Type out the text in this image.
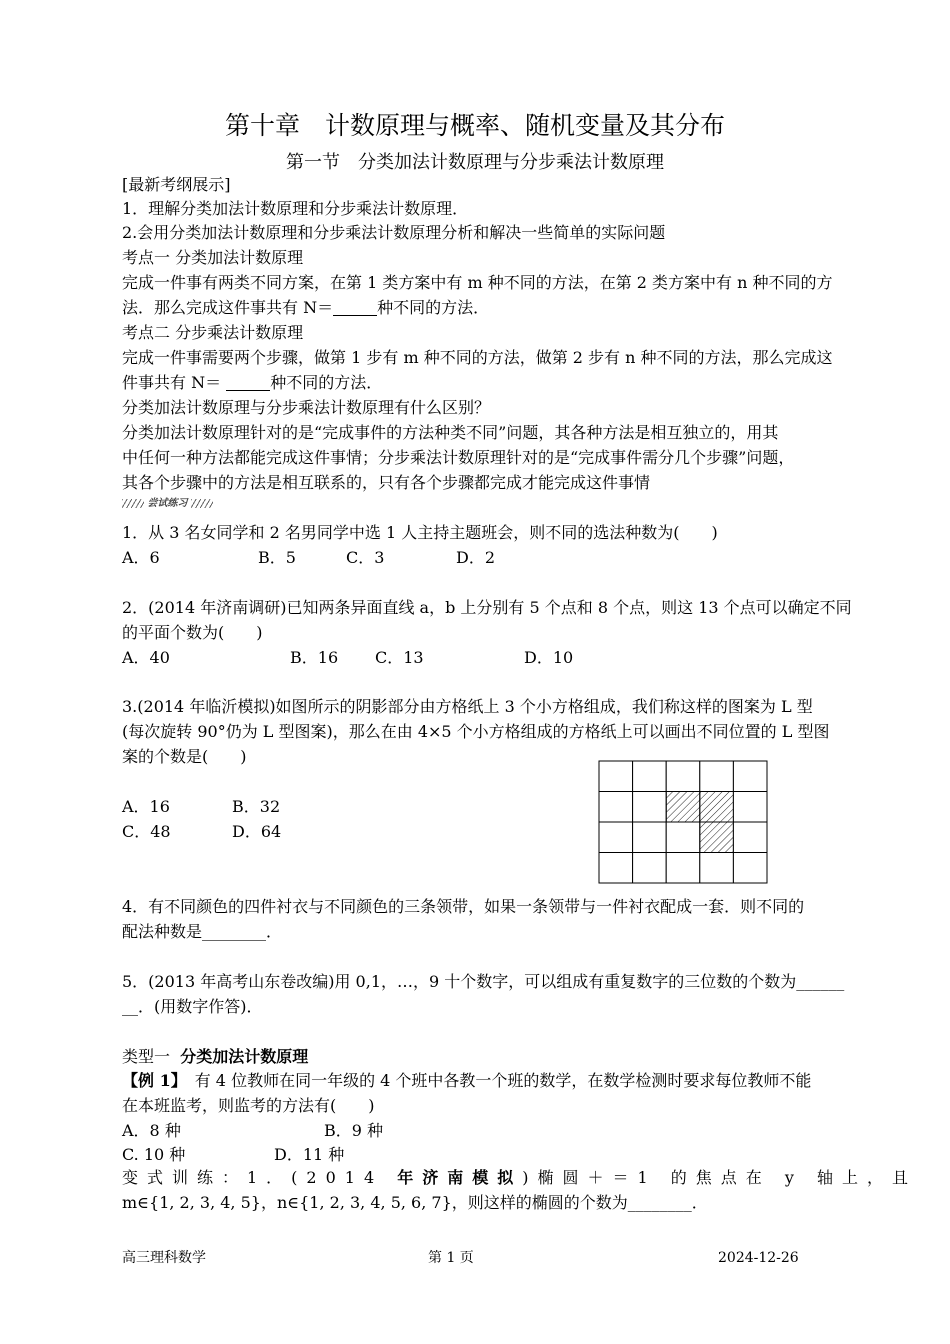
第十章　计数原理与概率、随机变量及其分布
第一节　分类加法计数原理与分步乘法计数原理
[最新考纲展示]
1．理解分类加法计数原理和分步乘法计数原理．
2.会用分类加法计数原理和分步乘法计数原理分析和解决一些简单的实际问题
考点一 分类加法计数原理
完成一件事有两类不同方案，在第 1 类方案中有 m 种不同的方法，在第 2 类方案中有 n 种不同的方
法．那么完成这件事共有 N＝	种不同的方法．
考点二 分步乘法计数原理
完成一件事需要两个步骤，做第 1 步有 m 种不同的方法，做第 2 步有 n 种不同的方法，那么完成这
件事共有 N＝	种不同的方法．
分类加法计数原理与分步乘法计数原理有什么区别？
分类加法计数原理针对的是“完成事件的方法种类不同”问题，其各种方法是相互独立的，用其
中任何一种方法都能完成这件事情；分步乘法计数原理针对的是“完成事件需分几个步骤”问题，
其各个步骤中的方法是相互联系的，只有各个步骤都完成才能完成这件事情
尝试练习
1．从 3 名女同学和 2 名男同学中选 1 人主持主题班会，则不同的选法种数为(　　)
A．6	B．5	C．3	D．2
2．(2014 年济南调研)已知两条异面直线 a，b 上分别有 5 个点和 8 个点，则这 13 个点可以确定不同
的平面个数为(　　)
A．40	B．16 C．13	D．10
3.(2014 年临沂模拟)如图所示的阴影部分由方格纸上 3 个小方格组成，我们称这样的图案为 L 型
(每次旋转 90°仍为 L 型图案)，那么在由 4×5 个小方格组成的方格纸上可以画出不同位置的 L 型图
案的个数是(　　)
A．16	B．32
C．48	D．64
4．有不同颜色的四件衬衣与不同颜色的三条领带，如果一条领带与一件衬衣配成一套．则不同的
配法种数是________．
5．(2013 年高考山东卷改编)用 0,1，…，9 十个数字，可以组成有重复数字的三位数的个数为______
__．(用数字作答)．
类型一 分类加法计数原理
【例 1】　有 4 位教师在同一年级的 4 个班中各教一个班的数学，在数学检测时要求每位教师不能
在本班监考，则监考的方法有(　　)
A．8 种	B．9 种
C. 10 种	D．11 种
变式训练：1．(2014 年济南模拟)椭圆＋＝1 的焦点在 y 轴上，且
m∈{1, 2, 3, 4, 5}，n∈{1, 2, 3, 4, 5, 6, 7}，则这样的椭圆的个数为________．
高三理科数学	第 1 页	2024-12-26
